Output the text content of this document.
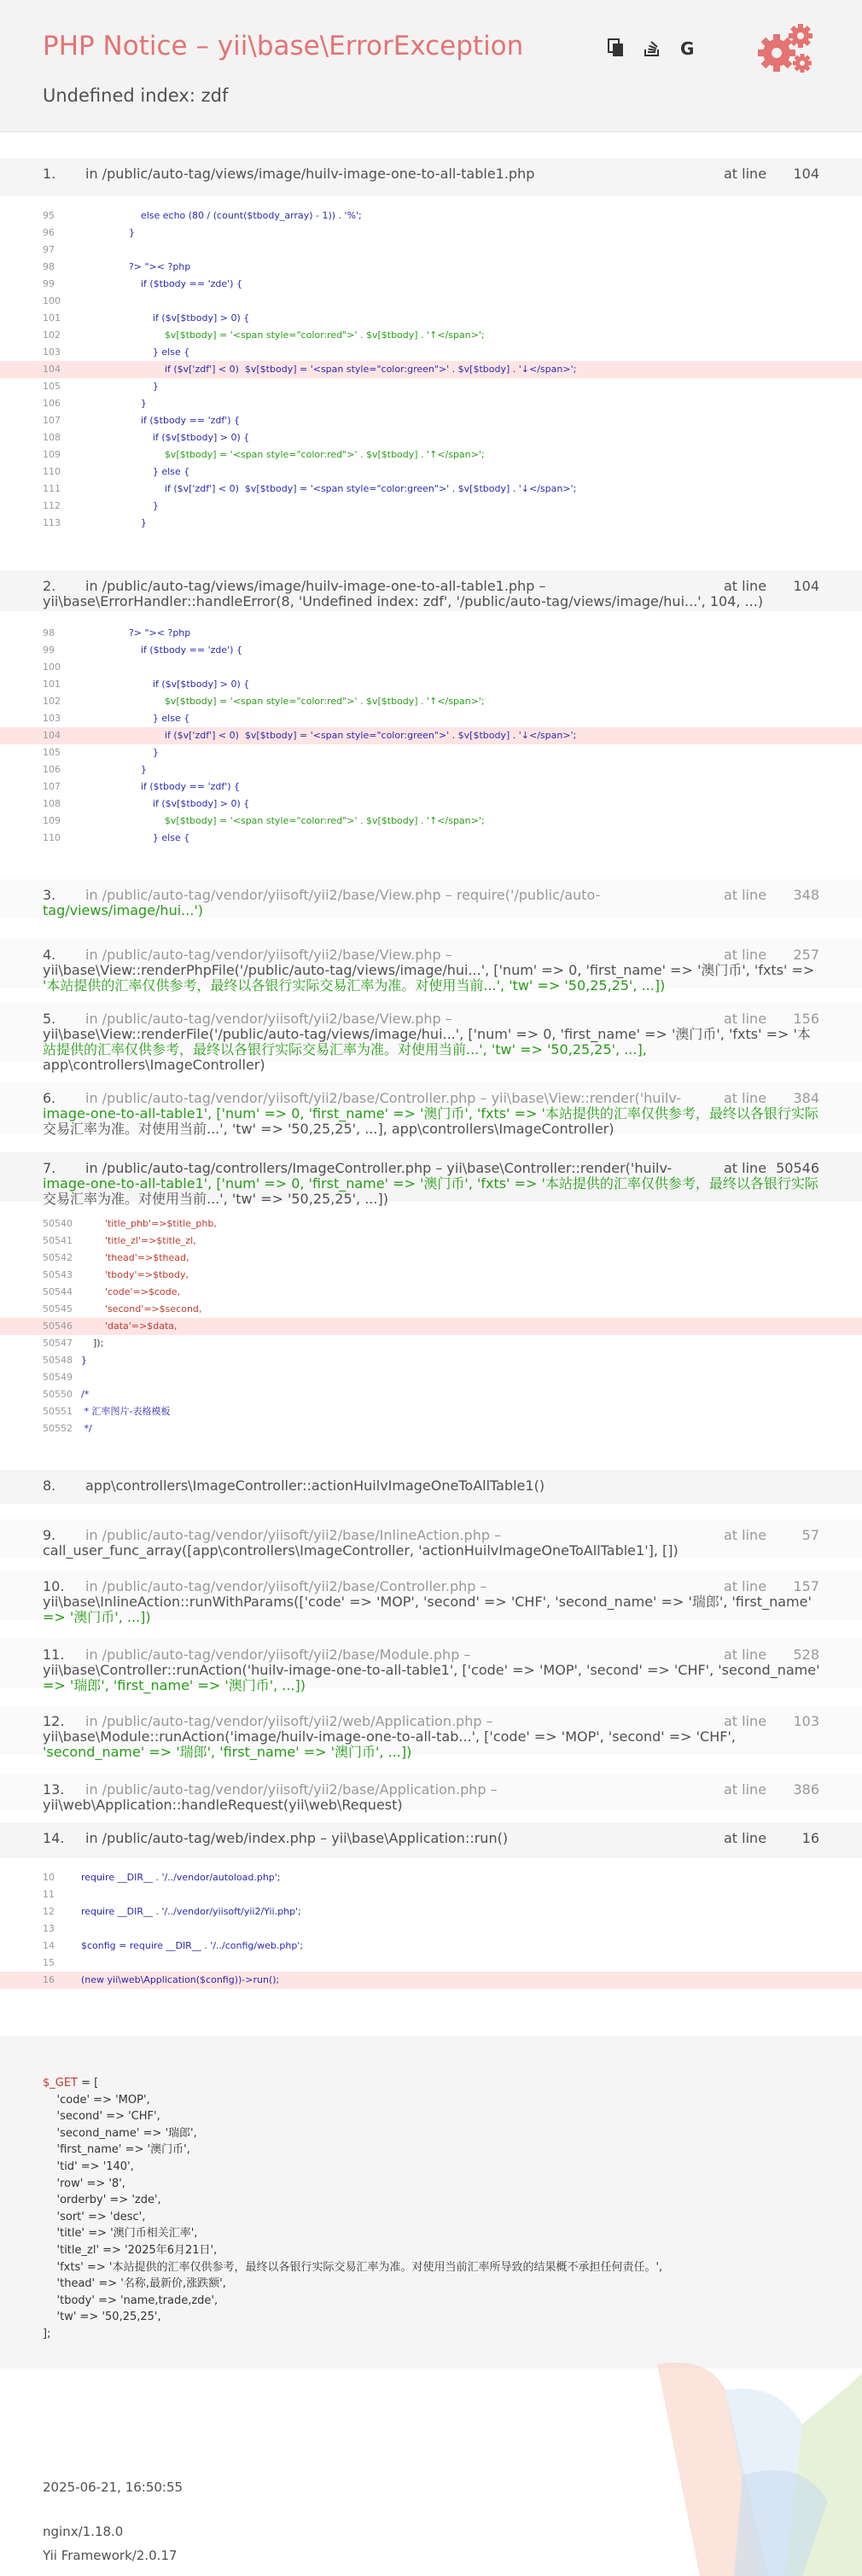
PHP Notice – yii\base\ErrorException
Undefined index: zdf
G
1.	in /public/auto-tag/views/image/huilv-image-one-to-all-table1.php	at line 104
2.	in /public/auto-tag/views/image/huilv-image-one-to-all-table1.php –	at line 104
yii\base\ErrorHandler::handleError(8, 'Undefined index: zdf', '/public/auto-tag/views/image/hui...', 104, ...)
3.	in /public/auto-tag/vendor/yiisoft/yii2/base/View.php – require('/public/auto-	at line 348
tag/views/image/hui...')
4.	in /public/auto-tag/vendor/yiisoft/yii2/base/View.php –	at line 257
yii\base\View::renderPhpFile('/public/auto-tag/views/image/hui...', ['num' => 0, 'first_name' => '澳门币', 'fxts' =>
'本站提供的汇率仅供参考，最终以各银行实际交易汇率为准。对使用当前...', 'tw' => '50,25,25', ...])
5.	in /public/auto-tag/vendor/yiisoft/yii2/base/View.php –	at line 156
yii\base\View::renderFile('/public/auto-tag/views/image/hui...', ['num' => 0, 'first_name' => '澳门币', 'fxts' => '本
站提供的汇率仅供参考，最终以各银行实际交易汇率为准。对使用当前...', 'tw' => '50,25,25', ...],
app\controllers\ImageController)
6.	in /public/auto-tag/vendor/yiisoft/yii2/base/Controller.php – yii\base\View::render('huilv-	at line 384
image-one-to-all-table1', ['num' => 0, 'first_name' => '澳门币', 'fxts' => '本站提供的汇率仅供参考，最终以各银行实际
交易汇率为准。对使用当前...', 'tw' => '50,25,25', ...], app\controllers\ImageController)
7.	in /public/auto-tag/controllers/ImageController.php – yii\base\Controller::render('huilv-	at line 50546
image-one-to-all-table1', ['num' => 0, 'first_name' => '澳门币', 'fxts' => '本站提供的汇率仅供参考，最终以各银行实际
交易汇率为准。对使用当前...', 'tw' => '50,25,25', ...])
8.	app\controllers\ImageController::actionHuilvImageOneToAllTable1()
9.	in /public/auto-tag/vendor/yiisoft/yii2/base/InlineAction.php –	at line	57
call_user_func_array([app\controllers\ImageController, 'actionHuilvImageOneToAllTable1'], [])
10.	in /public/auto-tag/vendor/yiisoft/yii2/base/Controller.php –	at line 157
yii\base\InlineAction::runWithParams(['code' => 'MOP', 'second' => 'CHF', 'second_name' => '瑞郎', 'first_name'
=> '澳门币', ...])
11.	in /public/auto-tag/vendor/yiisoft/yii2/base/Module.php –	at line 528
yii\base\Controller::runAction('huilv-image-one-to-all-table1', ['code' => 'MOP', 'second' => 'CHF', 'second_name'
=> '瑞郎', 'first_name' => '澳门币', ...])
12.	in /public/auto-tag/vendor/yiisoft/yii2/web/Application.php –	at line 103
yii\base\Module::runAction('image/huilv-image-one-to-all-tab...', ['code' => 'MOP', 'second' => 'CHF',
'second_name' => '瑞郎', 'first_name' => '澳门币', ...])
13.	in /public/auto-tag/vendor/yiisoft/yii2/base/Application.php –	at line 386
yii\web\Application::handleRequest(yii\web\Request)
14.	in /public/auto-tag/web/index.php – yii\base\Application::run()	at line	16
95	else echo (80 / (count($tbody_array) - 1)) . '%';
96	}
97
98	?> ">< ?php
99	if ($tbody == 'zde') {
100
101	if ($v[$tbody] > 0) {
102	$v[$tbody] = '<span style="color:red">' . $v[$tbody] . '↑</span>';
103	} else {
104	if ($v['zdf'] < 0)  $v[$tbody] = '<span style="color:green">' . $v[$tbody] . '↓</span>';
105	}
106	}
107	if ($tbody == 'zdf') {
108	if ($v[$tbody] > 0) {
109	$v[$tbody] = '<span style="color:red">' . $v[$tbody] . '↑</span>';
110	} else {
111	if ($v['zdf'] < 0)  $v[$tbody] = '<span style="color:green">' . $v[$tbody] . '↓</span>';
112	}
113	}
98	?> ">< ?php
99	if ($tbody == 'zde') {
100
101	if ($v[$tbody] > 0) {
102	$v[$tbody] = '<span style="color:red">' . $v[$tbody] . '↑</span>';
103	} else {
104	if ($v['zdf'] < 0)  $v[$tbody] = '<span style="color:green">' . $v[$tbody] . '↓</span>';
105	}
106	}
107	if ($tbody == 'zdf') {
108	if ($v[$tbody] > 0) {
109	$v[$tbody] = '<span style="color:red">' . $v[$tbody] . '↑</span>';
110	} else {
50540 'title_phb'=>$title_phb,
50541 'title_zl'=>$title_zl,
50542 'thead'=>$thead,
50543 'tbody'=>$tbody,
50544 'code'=>$code,
50545 'second'=>$second,
50546 'data'=>$data,
50547 ]);
50548 }
50549
50550 /*
50551 * 汇率图片-表格模板
50552 */
10	require __DIR__ . '/../vendor/autoload.php';
11
12	require __DIR__ . '/../vendor/yiisoft/yii2/Yii.php';
13
14	$config = require __DIR__ . '/../config/web.php';
15
16	(new yii\web\Application($config))->run();
$_GET = [
'code' => 'MOP',
'second' => 'CHF',
'second_name' => '瑞郎',
'first_name' => '澳门币',
'tid' => '140',
'row' => '8',
'orderby' => 'zde',
'sort' => 'desc',
'title' => '澳门币相关汇率',
'title_zl' => '2025年6月21日',
'fxts' => '本站提供的汇率仅供参考，最终以各银行实际交易汇率为准。对使用当前汇率所导致的结果概不承担任何责任。',
'thead' => '名称,最新价,涨跌额',
'tbody' => 'name,trade,zde',
'tw' => '50,25,25',
];
2025-06-21, 16:50:55
nginx/1.18.0
Yii Framework/2.0.17
